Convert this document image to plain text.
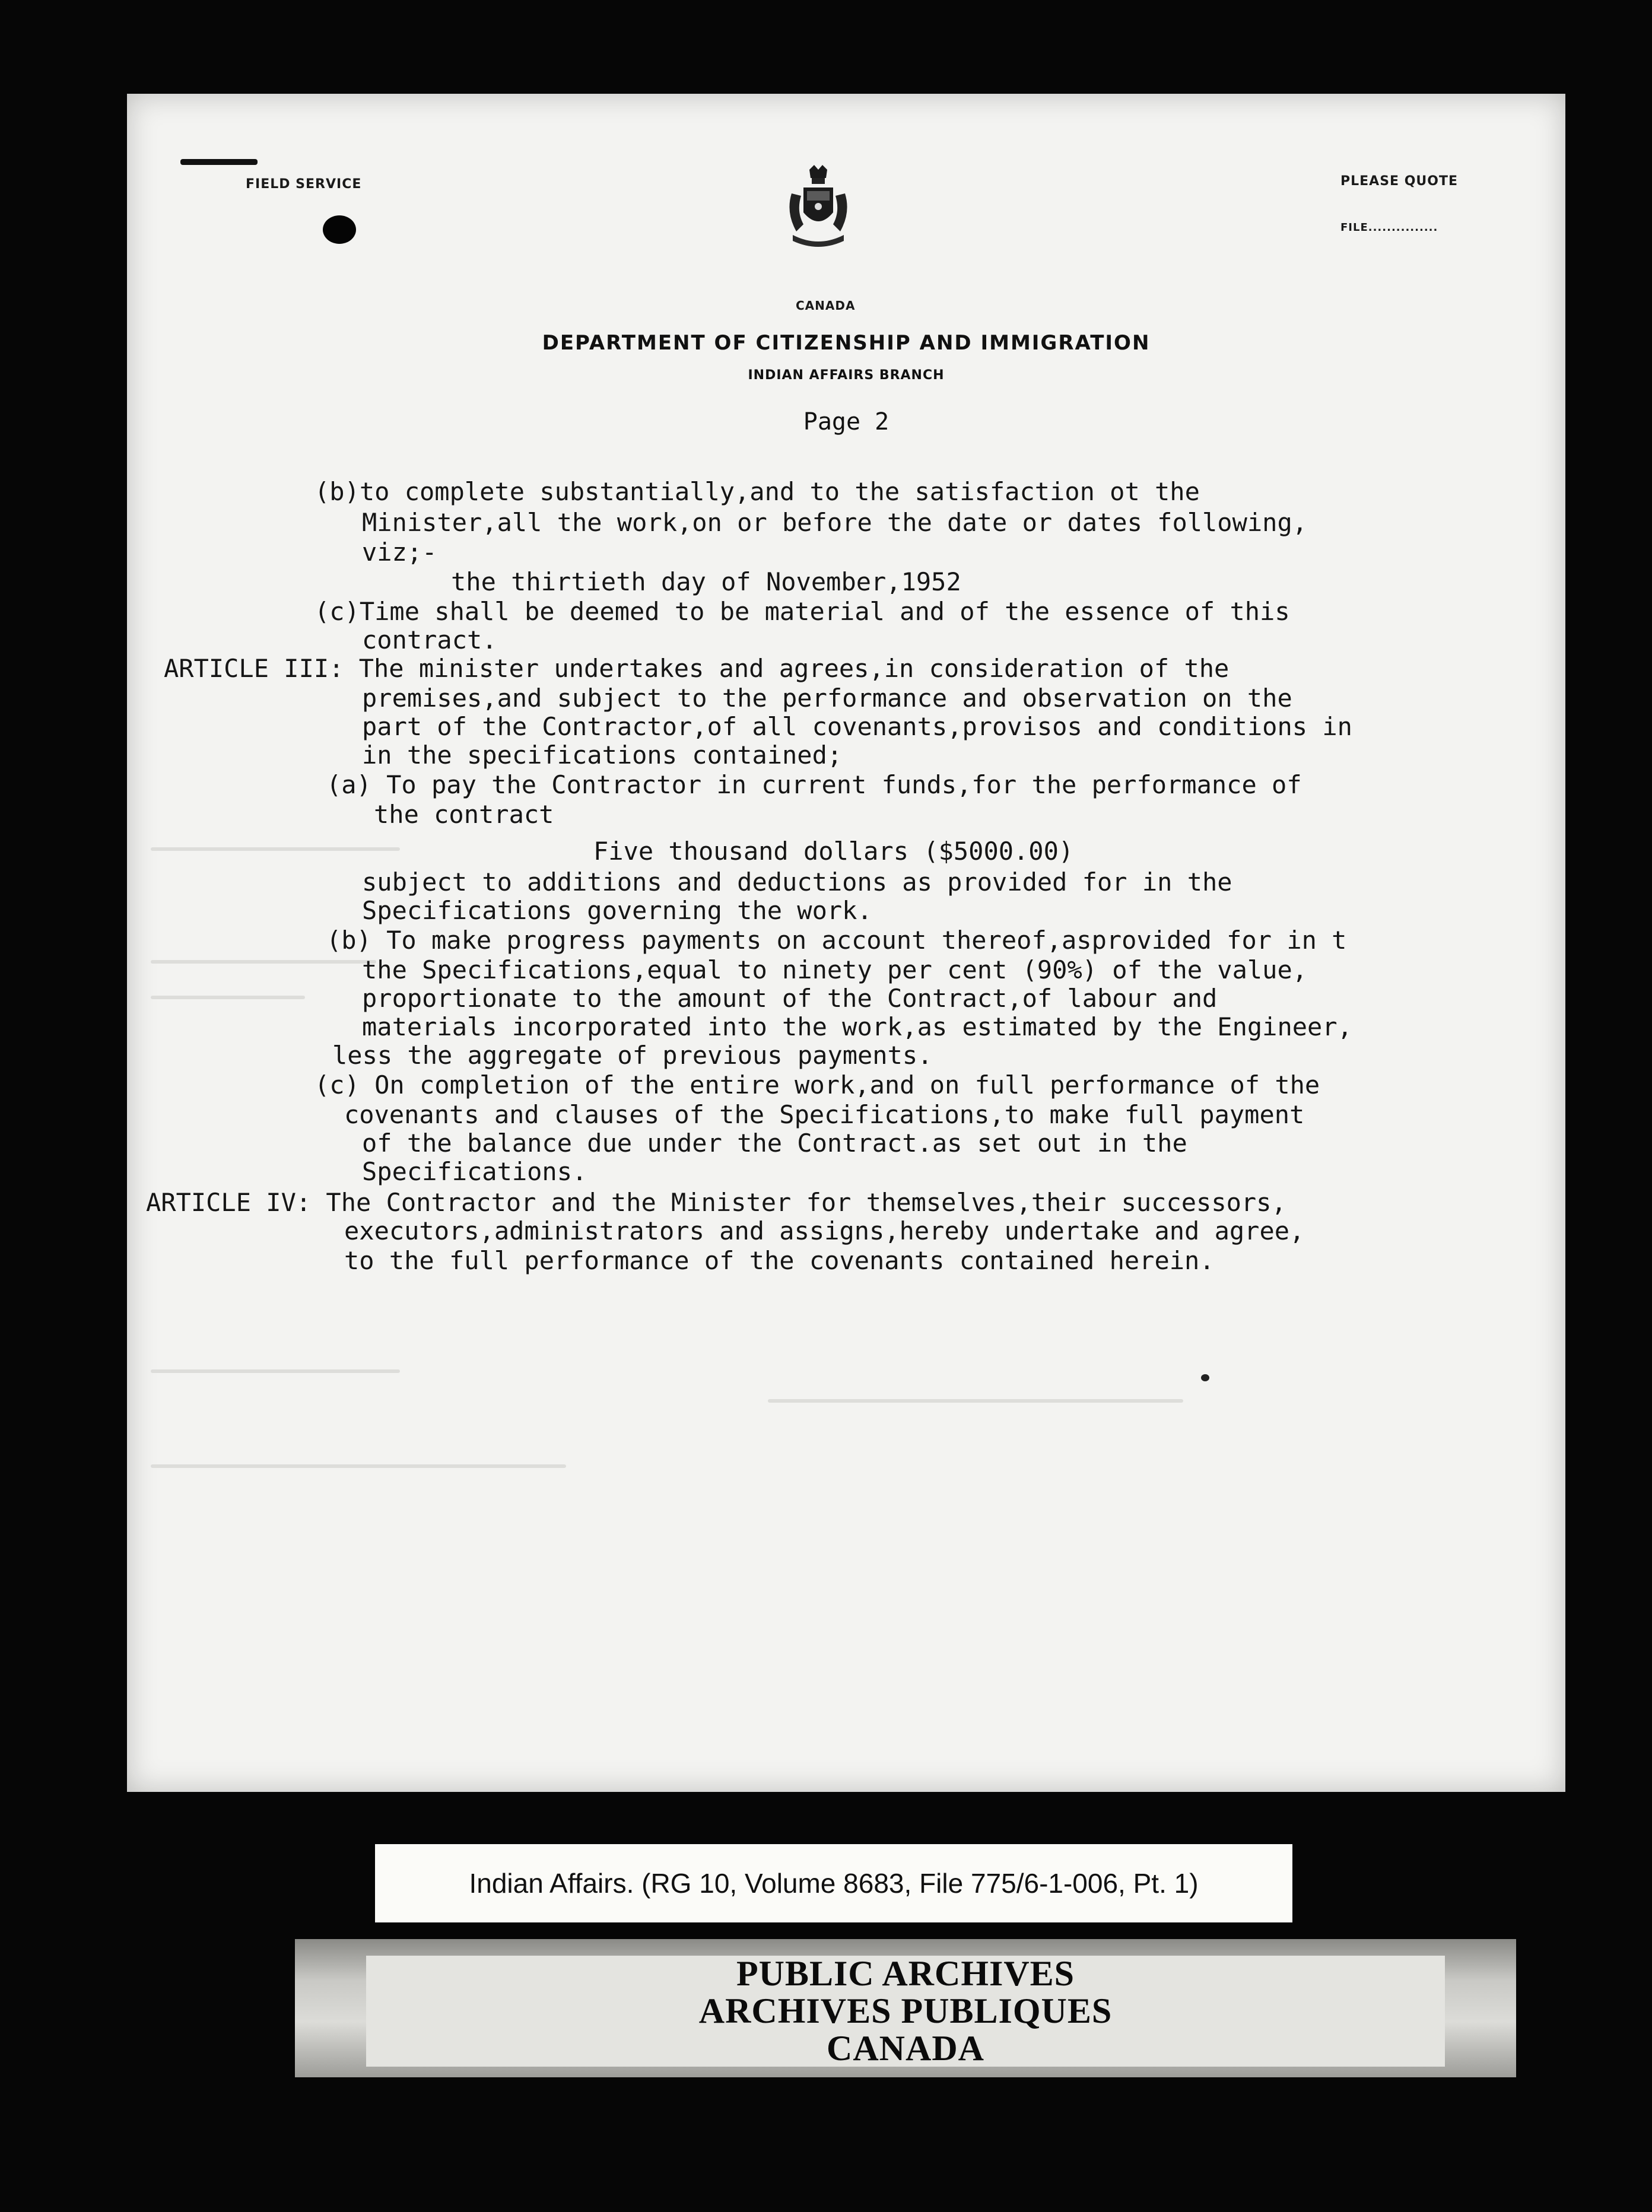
FIELD SERVICE	PLEASE QUOTE
FILE...............
CANADA
DEPARTMENT OF CITIZENSHIP AND IMMIGRATION
INDIAN AFFAIRS BRANCH
Page 2
(b)to complete substantially,and to the satisfaction ot the
Minister,all the work,on or before the date or dates following,
viz;-
the thirtieth day of November,1952
(c)Time shall be deemed to be material and of the essence of this
contract.
ARTICLE III: The minister undertakes and agrees,in consideration of the
premises,and subject to the performance and observation on the
part of the Contractor,of all covenants,provisos and conditions in
in the specifications contained;
(a) To pay the Contractor in current funds,for the performance of
the contract
Five thousand dollars ($5000.00)
subject to additions and deductions as provided for in the
Specifications governing the work.
(b) To make progress payments on account thereof,asprovided for in t
the Specifications,equal to ninety per cent (90%) of the value,
proportionate to the amount of the Contract,of labour and
materials incorporated into the work,as estimated by the Engineer,
less the aggregate of previous payments.
(c) On completion of the entire work,and on full performance of the
covenants and clauses of the Specifications,to make full payment
of the balance due under the Contract.as set out in the
Specifications.
ARTICLE IV: The Contractor and the Minister for themselves,their successors,
executors,administrators and assigns,hereby undertake and agree,
to the full performance of the covenants contained herein.
Indian Affairs. (RG 10, Volume 8683, File 775/6-1-006, Pt. 1)
PUBLIC ARCHIVES
ARCHIVES PUBLIQUES
CANADA
